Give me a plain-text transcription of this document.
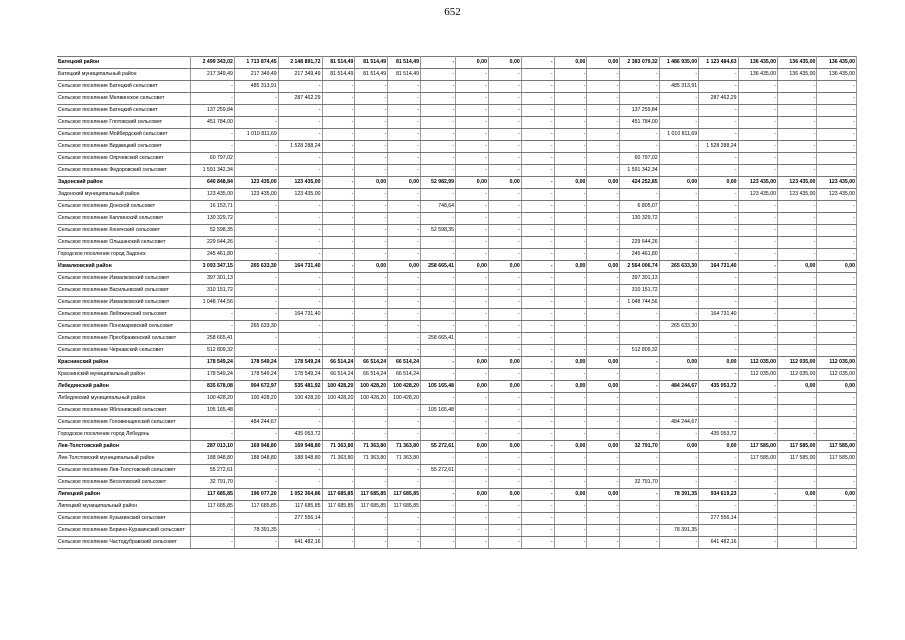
652
Батецкий район	2 499 343,02	1 713 874,45	2 148 891,72	81 514,49	81 514,49	81 514,49	-	0,00	0,00	-	0,00	0,00	2 383 079,32	1 486 935,00	1 123 484,63	136 435,00	136 435,00	136 435,00
Батецкий муниципальный район	217 349,49	217 349,49	217 349,49	81 514,49	81 514,49	81 514,49	-	-	-	-	-	-	-	-	-	136 435,00	136 435,00	136 435,00
Сельское поселение Батецкий сельсовет	-	485 313,91	-	-	-	-	-	-	-	-	-	-	-	485 313,91	-	-	-	-
Сельское поселение Мелвинское сельсовет	-	-	287 462,29	-	-	-	-	-	-	-	-	-	-	-	287 462,29	-	-	-
Сельское поселение Батецкий сельсовет	137 259,84	-	-	-	-	-	-	-	-	-	-	-	137 259,84	-	-	-	-	-
Сельское поселение Глотовский сельсовет	451 784,00	-	-	-	-	-	-	-	-	-	-	-	451 784,00	-	-	-	-	-
Сельское поселение Мойбердский сельсовет	-	1 010 811,69	-	-	-	-	-	-	-	-	-	-	-	1 010 811,69	-	-	-	-
Сельское поселение Виджицкий сельсовет	-	-	1 528 288,24	-	-	-	-	-	-	-	-	-	-	-	1 528 288,24	-	-	-
Сельское поселение Опрчевский сельсовет	60 797,02	-	-	-	-	-	-	-	-	-	-	-	60 797,02	-	-	-	-	-
Сельское поселение Федоровский сельсовет	1 591 342,34	-	-	-	-	-	-	-	-	-	-	-	1 591 342,34	-	-	-	-	-
Задонский район	640 848,84	123 435,00	123 435,00	-	0,00	0,00	52 982,99	0,00	0,00	-	0,00	0,00	424 252,85	0,00	0,00	123 435,00	123 435,00	123 435,00
Задонский муниципальный район	123 435,00	123 435,00	123 435,00	-	-	-	-	-	-	-	-	-	-	-	-	123 435,00	123 435,00	123 435,00
Сельское поселение Донской сельсовет	16 153,71	-	-	-	-	-	748,64	-	-	-	-	-	6 805,07	-	-	-	-	-
Сельское поселение Каплинский сельсовет	130 329,72	-	-	-	-	-	-	-	-	-	-	-	130 329,72	-	-	-	-	-
Сельское поселение Конечский сельсовет	52 598,35	-	-	-	-	-	52 598,35	-	-	-	-	-	-	-	-	-	-	-
Сельское поселение Ольшанский сельсовет	229 644,26	-	-	-	-	-	-	-	-	-	-	-	229 644,26	-	-	-	-	-
Городское поселение город Задонск	245 461,80	-	-	-	-	-	-	-	-	-	-	-	245 461,80	-	-	-	-	-
Измалковский район	3 093 347,15	265 633,30	164 731,40	-	0,00	0,00	258 665,41	0,00	0,00	-	0,00	0,00	2 564 006,74	265 633,30	164 731,40	-	0,00	0,00
Сельское поселение Измалковский сельсовет	397 301,13	-	-	-	-	-	-	-	-	-	-	-	397 301,13	-	-	-	-	-
Сельское поселение Васильевский сельсовет	310 151,72	-	-	-	-	-	-	-	-	-	-	-	310 151,72	-	-	-	-	-
Сельское поселение Измалковский сельсовет	1 048 744,56	-	-	-	-	-	-	-	-	-	-	-	1 048 744,56	-	-	-	-	-
Сельское поселение Лебяжинский сельсовет	-	-	164 731,40	-	-	-	-	-	-	-	-	-	-	-	164 731,40	-	-	-
Сельское поселение Пономаревский сельсовет	-	265 633,30	-	-	-	-	-	-	-	-	-	-	-	265 633,30	-	-	-	-
Сельское поселение Преображенский сельсовет	258 665,41	-	-	-	-	-	258 665,41	-	-	-	-	-	-	-	-	-	-	-
Сельское поселение Чернавский сельсовет	512 809,32	-	-	-	-	-	-	-	-	-	-	-	512 809,32	-	-	-	-	-
Краснинский район	178 549,24	178 549,24	178 549,24	66 514,24	66 514,24	66 514,24	-	0,00	0,00	-	0,00	0,00	-	0,00	0,00	112 035,00	112 035,00	112 035,00
Краснинский муниципальный район	178 549,24	178 549,24	178 549,24	66 514,24	66 514,24	66 514,24	-	-	-	-	-	-	-	-	-	112 035,00	112 035,00	112 035,00
Лебедянский район	835 678,08	904 672,97	535 481,92	100 428,20	100 428,20	100 428,20	105 165,48	0,00	0,00	-	0,00	0,00	-	484 244,67	435 053,72	-	0,00	0,00
Лебедянский муниципальный район	100 428,20	100 428,20	100 428,20	100 428,20	100 428,20	100 428,20	-	-	-	-	-	-	-	-	-	-	-	-
Сельское поселение Яблоневский сельсовет	105 165,48	-	-	-	-	-	105 165,48	-	-	-	-	-	-	-	-	-	-	-
Сельское поселение Головинщинский сельсовет	-	484 244,67	-	-	-	-	-	-	-	-	-	-	-	484 244,67	-	-	-	-
Городское поселение город Лебедянь	-	-	435 053,72	-	-	-	-	-	-	-	-	-	-	-	435 053,72	-	-	-
Лев-Толстовский район	287 013,10	169 948,80	169 948,80	71 363,80	71 363,80	71 363,80	55 272,61	0,00	0,00	-	0,00	0,00	32 791,70	0,00	0,00	117 585,00	117 585,00	117 585,00
Лев-Толстовский муниципальный район	188 948,80	188 948,80	188 948,80	71 363,80	71 363,80	71 363,80	-	-	-	-	-	-	-	-	-	117 585,00	117 585,00	117 585,00
Сельское поселение Лев-Толстовский сельсовет	55 272,61	-	-	-	-	-	55 272,61	-	-	-	-	-	-	-	-	-	-	-
Сельское поселение Веселовский сельсовет	32 791,70	-	-	-	-	-	-	-	-	-	-	-	32 791,70	-	-	-	-	-
Липецкий район	117 685,85	196 077,20	1 052 364,86	117 685,85	117 685,85	117 685,85	-	0,00	0,00	-	0,00	0,00	-	78 391,35	934 619,23	-	0,00	0,00
Липецкий муниципальный район	117 685,85	117 685,85	117 685,85	117 685,85	117 685,85	117 685,85	-	-	-	-	-	-	-	-	-	-	-	-
Сельское поселение Кузьминский сельсовет	-	-	277 556,14	-	-	-	-	-	-	-	-	-	-	-	277 556,14	-	-	-
Сельское поселение Борино-Куракинский сельсовет	-	78 391,35	-	-	-	-	-	-	-	-	-	-	-	78 391,35	-	-	-	-
Сельское поселение Частодубравский сельсовет	-	-	641 482,16	-	-	-	-	-	-	-	-	-	-	-	641 482,16	-	-	-
